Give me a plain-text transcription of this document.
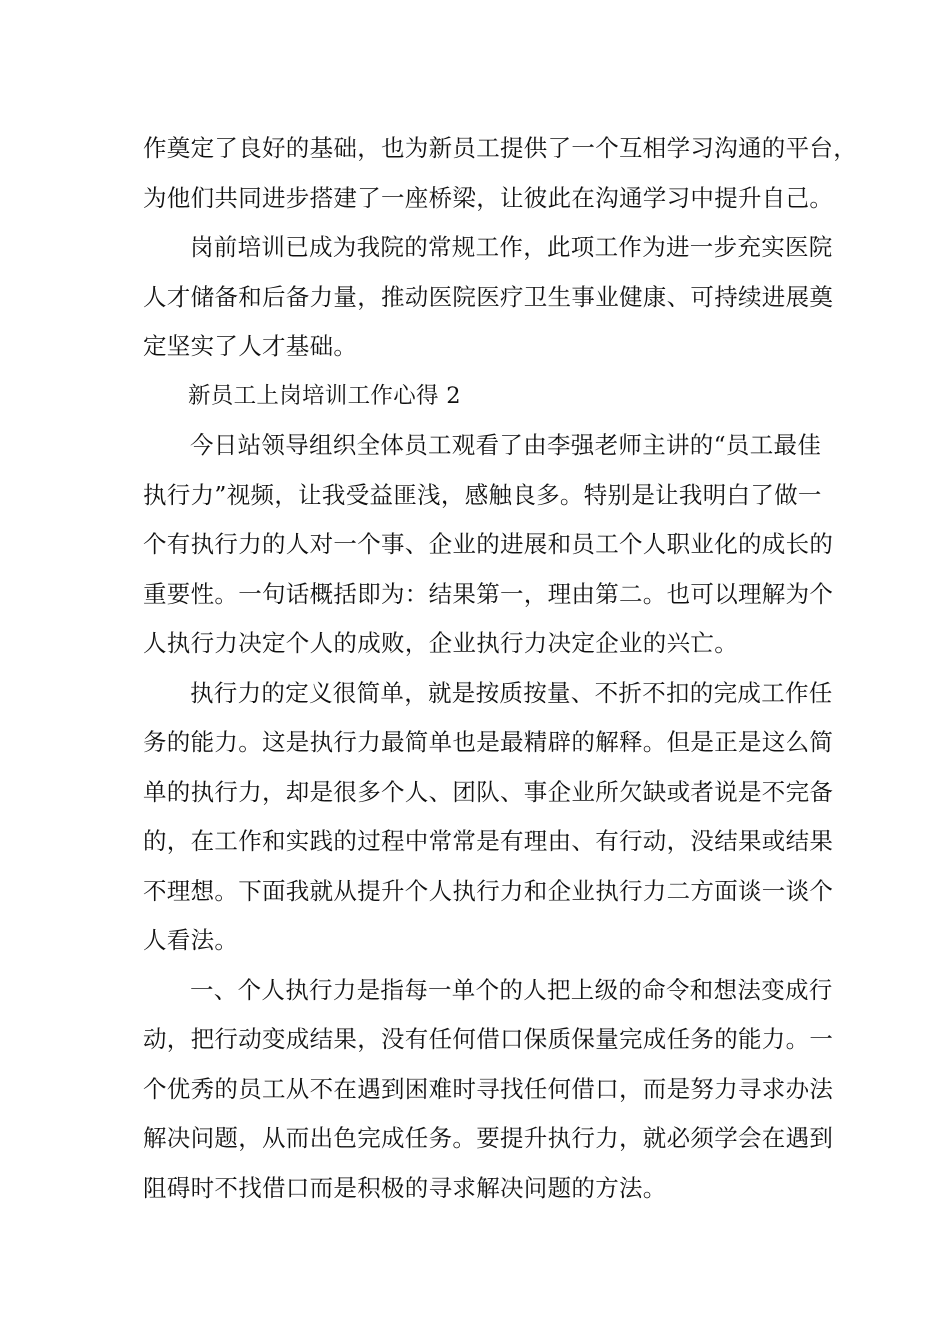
作奠定了良好的基础，也为新员工提供了一个互相学习沟通的平台，
为他们共同进步搭建了一座桥梁，让彼此在沟通学习中提升自己。
岗前培训已成为我院的常规工作，此项工作为进一步充实医院
人才储备和后备力量，推动医院医疗卫生事业健康、可持续进展奠
定坚实了人才基础。
新员工上岗培训工作心得 2
今日站领导组织全体员工观看了由李强老师主讲的“员工最佳
执行力”视频，让我受益匪浅，感触良多。特别是让我明白了做一
个有执行力的人对一个事、企业的进展和员工个人职业化的成长的
重要性。一句话概括即为：结果第一，理由第二。也可以理解为个
人执行力决定个人的成败，企业执行力决定企业的兴亡。
执行力的定义很简单，就是按质按量、不折不扣的完成工作任
务的能力。这是执行力最简单也是最精辟的解释。但是正是这么简
单的执行力，却是很多个人、团队、事企业所欠缺或者说是不完备
的，在工作和实践的过程中常常是有理由、有行动，没结果或结果
不理想。下面我就从提升个人执行力和企业执行力二方面谈一谈个
人看法。
一、个人执行力是指每一单个的人把上级的命令和想法变成行
动，把行动变成结果，没有任何借口保质保量完成任务的能力。一
个优秀的员工从不在遇到困难时寻找任何借口，而是努力寻求办法
解决问题，从而出色完成任务。要提升执行力，就必须学会在遇到
阻碍时不找借口而是积极的寻求解决问题的方法。
